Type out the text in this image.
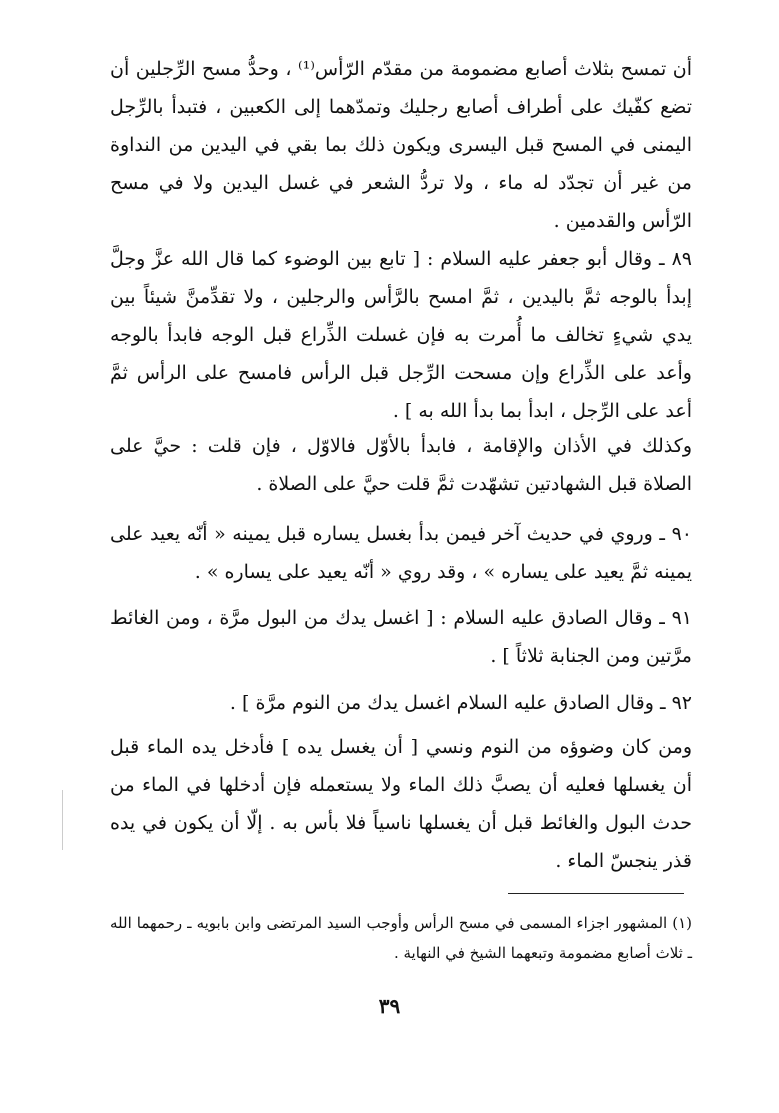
أن تمسح بثلاث أصابع مضمومة من مقدّم الرّأس⁽¹⁾ ، وحدُّ مسح الرِّجلين أن تضع كفّيك على أطراف أصابع رجليك وتمدّهما إلى الكعبين ، فتبدأ بالرِّجل اليمنى في المسح قبل اليسرى ويكون ذلك بما بقي في اليدين من النداوة من غير أن تجدّد له ماء ، ولا تردُّ الشعر في غسل اليدين ولا في مسح الرّأس والقدمين .

٨٩ ـ وقال أبو جعفر عليه السلام : [ تابع بين الوضوء كما قال الله عزَّ وجلَّ إبدأ بالوجه ثمَّ باليدين ، ثمَّ امسح بالرَّأس والرجلين ، ولا تقدِّمنَّ شيئاً بين يدي شيءٍ تخالف ما أُمرت به فإن غسلت الذِّراع قبل الوجه فابدأ بالوجه وأعد على الذِّراع وإن مسحت الرِّجل قبل الرأس فامسح على الرأس ثمَّ أعد على الرِّجل ، ابدأ بما بدأ الله به ] .

وكذلك في الأذان والإقامة ، فابدأ بالأوّل فالاوّل ، فإن قلت : حيَّ على الصلاة قبل الشهادتين تشهّدت ثمَّ قلت حيَّ على الصلاة .

٩٠ ـ وروي في حديث آخر فيمن بدأ بغسل يساره قبل يمينه « أنّه يعيد على يمينه ثمَّ يعيد على يساره » ، وقد روي « أنّه يعيد على يساره » .

٩١ ـ وقال الصادق عليه السلام : [ اغسل يدك من البول مرَّة ، ومن الغائط مرَّتين ومن الجنابة ثلاثاً ] .

٩٢ ـ وقال الصادق عليه السلام اغسل يدك من النوم مرَّة ] .

ومن كان وضوؤه من النوم ونسي [ أن يغسل يده ] فأدخل يده الماء قبل أن يغسلها فعليه أن يصبَّ ذلك الماء ولا يستعمله فإن أدخلها في الماء من حدث البول والغائط قبل أن يغسلها ناسياً فلا بأس به . إلّا أن يكون في يده قذر ينجسّ الماء .

(١) المشهور اجزاء المسمى في مسح الرأس وأوجب السيد المرتضى وابن بابويه ـ رحمهما الله ـ ثلاث أصابع مضمومة وتبعهما الشيخ في النهاية .

٣٩
